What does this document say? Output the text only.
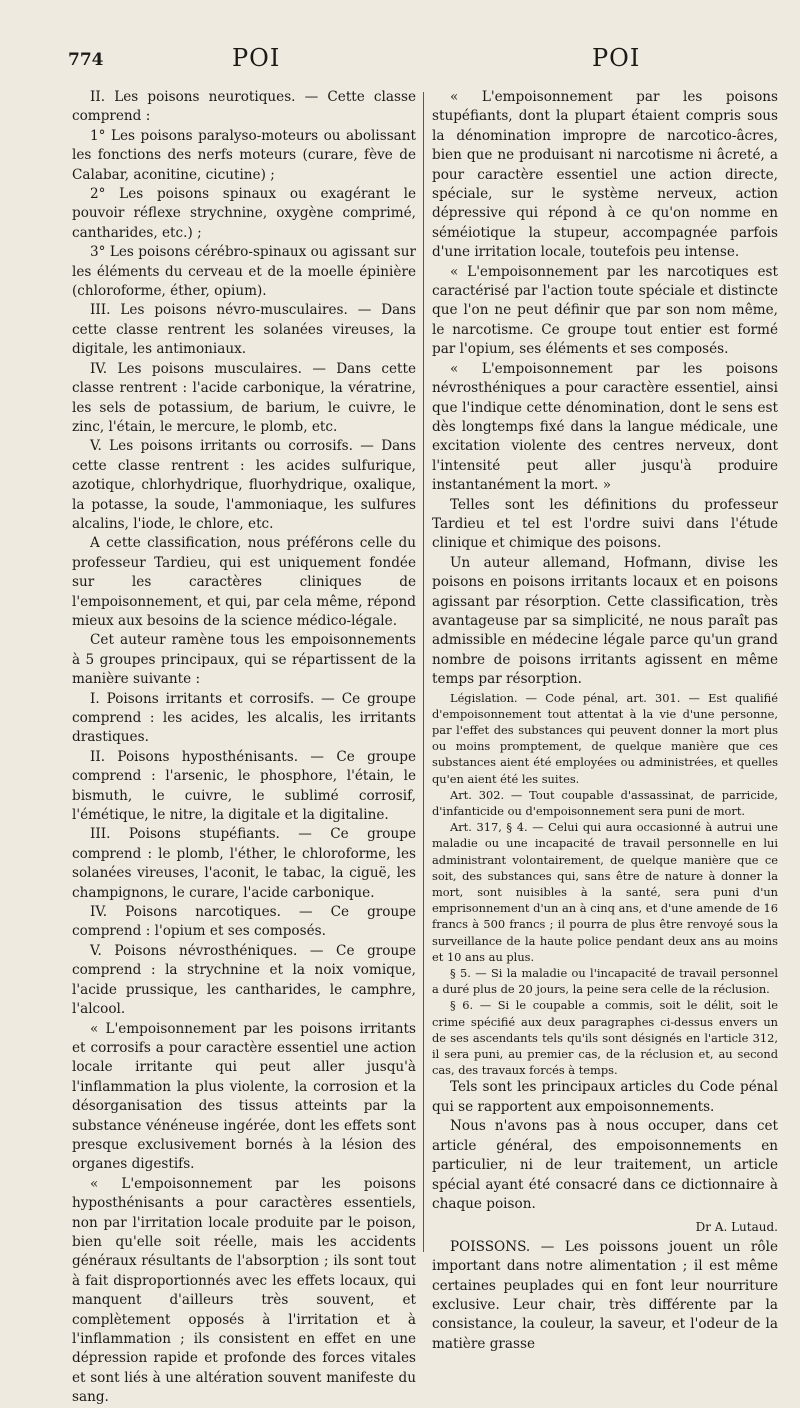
774	POI	POI

II. Les poisons neurotiques. — Cette classe comprend :

1° Les poisons paralyso-moteurs ou abolissant les fonctions des nerfs moteurs (curare, fève de Calabar, aconitine, cicutine) ;

2° Les poisons spinaux ou exagérant le pouvoir réflexe strychnine, oxygène comprimé, cantharides, etc.) ;

3° Les poisons cérébro-spinaux ou agissant sur les éléments du cerveau et de la moelle épinière (chloroforme, éther, opium).

III. Les poisons névro-musculaires. — Dans cette classe rentrent les solanées vireuses, la digitale, les antimoniaux.

IV. Les poisons musculaires. — Dans cette classe rentrent : l'acide carbonique, la vératrine, les sels de potassium, de barium, le cuivre, le zinc, l'étain, le mercure, le plomb, etc.

V. Les poisons irritants ou corrosifs. — Dans cette classe rentrent : les acides sulfurique, azotique, chlorhydrique, fluorhydrique, oxalique, la potasse, la soude, l'ammoniaque, les sulfures alcalins, l'iode, le chlore, etc.

A cette classification, nous préférons celle du professeur Tardieu, qui est uniquement fondée sur les caractères cliniques de l'empoisonnement, et qui, par cela même, répond mieux aux besoins de la science médico-légale.

Cet auteur ramène tous les empoisonnements à 5 groupes principaux, qui se répartissent de la manière suivante :

I. Poisons irritants et corrosifs. — Ce groupe comprend : les acides, les alcalis, les irritants drastiques.

II. Poisons hyposthénisants. — Ce groupe comprend : l'arsenic, le phosphore, l'étain, le bismuth, le cuivre, le sublimé corrosif, l'émétique, le nitre, la digitale et la digitaline.

III. Poisons stupéfiants. — Ce groupe comprend : le plomb, l'éther, le chloroforme, les solanées vireuses, l'aconit, le tabac, la ciguë, les champignons, le curare, l'acide carbonique.

IV. Poisons narcotiques. — Ce groupe comprend : l'opium et ses composés.

V. Poisons névrosthéniques. — Ce groupe comprend : la strychnine et la noix vomique, l'acide prussique, les cantharides, le camphre, l'alcool.

« L'empoisonnement par les poisons irritants et corrosifs a pour caractère essentiel une action locale irritante qui peut aller jusqu'à l'inflammation la plus violente, la corrosion et la désorganisation des tissus atteints par la substance vénéneuse ingérée, dont les effets sont presque exclusivement bornés à la lésion des organes digestifs.

« L'empoisonnement par les poisons hyposthénisants a pour caractères essentiels, non par l'irritation locale produite par le poison, bien qu'elle soit réelle, mais les accidents généraux résultants de l'absorption ; ils sont tout à fait disproportionnés avec les effets locaux, qui manquent d'ailleurs très souvent, et complètement opposés à l'irritation et à l'inflammation ; ils consistent en effet en une dépression rapide et profonde des forces vitales et sont liés à une altération souvent manifeste du sang.

« L'empoisonnement par les poisons stupéfiants, dont la plupart étaient compris sous la dénomination impropre de narcotico-âcres, bien que ne produisant ni narcotisme ni âcreté, a pour caractère essentiel une action directe, spéciale, sur le système nerveux, action dépressive qui répond à ce qu'on nomme en séméiotique la stupeur, accompagnée parfois d'une irritation locale, toutefois peu intense.

« L'empoisonnement par les narcotiques est caractérisé par l'action toute spéciale et distincte que l'on ne peut définir que par son nom même, le narcotisme. Ce groupe tout entier est formé par l'opium, ses éléments et ses composés.

« L'empoisonnement par les poisons névrosthéniques a pour caractère essentiel, ainsi que l'indique cette dénomination, dont le sens est dès longtemps fixé dans la langue médicale, une excitation violente des centres nerveux, dont l'intensité peut aller jusqu'à produire instantanément la mort. »

Telles sont les définitions du professeur Tardieu et tel est l'ordre suivi dans l'étude clinique et chimique des poisons.

Un auteur allemand, Hofmann, divise les poisons en poisons irritants locaux et en poisons agissant par résorption. Cette classification, très avantageuse par sa simplicité, ne nous paraît pas admissible en médecine légale parce qu'un grand nombre de poisons irritants agissent en même temps par résorption.

Législation. — Code pénal, art. 301. — Est qualifié d'empoisonnement tout attentat à la vie d'une personne, par l'effet des substances qui peuvent donner la mort plus ou moins promptement, de quelque manière que ces substances aient été employées ou administrées, et quelles qu'en aient été les suites.

Art. 302. — Tout coupable d'assassinat, de parricide, d'infanticide ou d'empoisonnement sera puni de mort.

Art. 317, § 4. — Celui qui aura occasionné à autrui une maladie ou une incapacité de travail personnelle en lui administrant volontairement, de quelque manière que ce soit, des substances qui, sans être de nature à donner la mort, sont nuisibles à la santé, sera puni d'un emprisonnement d'un an à cinq ans, et d'une amende de 16 francs à 500 francs ; il pourra de plus être renvoyé sous la surveillance de la haute police pendant deux ans au moins et 10 ans au plus.

§ 5. — Si la maladie ou l'incapacité de travail personnel a duré plus de 20 jours, la peine sera celle de la réclusion.

§ 6. — Si le coupable a commis, soit le délit, soit le crime spécifié aux deux paragraphes ci-dessus envers un de ses ascendants tels qu'ils sont désignés en l'article 312, il sera puni, au premier cas, de la réclusion et, au second cas, des travaux forcés à temps.

Tels sont les principaux articles du Code pénal qui se rapportent aux empoisonnements.

Nous n'avons pas à nous occuper, dans cet article général, des empoisonnements en particulier, ni de leur traitement, un article spécial ayant été consacré dans ce dictionnaire à chaque poison.

Dr A. Lutaud.

POISSONS. — Les poissons jouent un rôle important dans notre alimentation ; il est même certaines peuplades qui en font leur nourriture exclusive. Leur chair, très différente par la consistance, la couleur, la saveur, et l'odeur de la matière grasse
